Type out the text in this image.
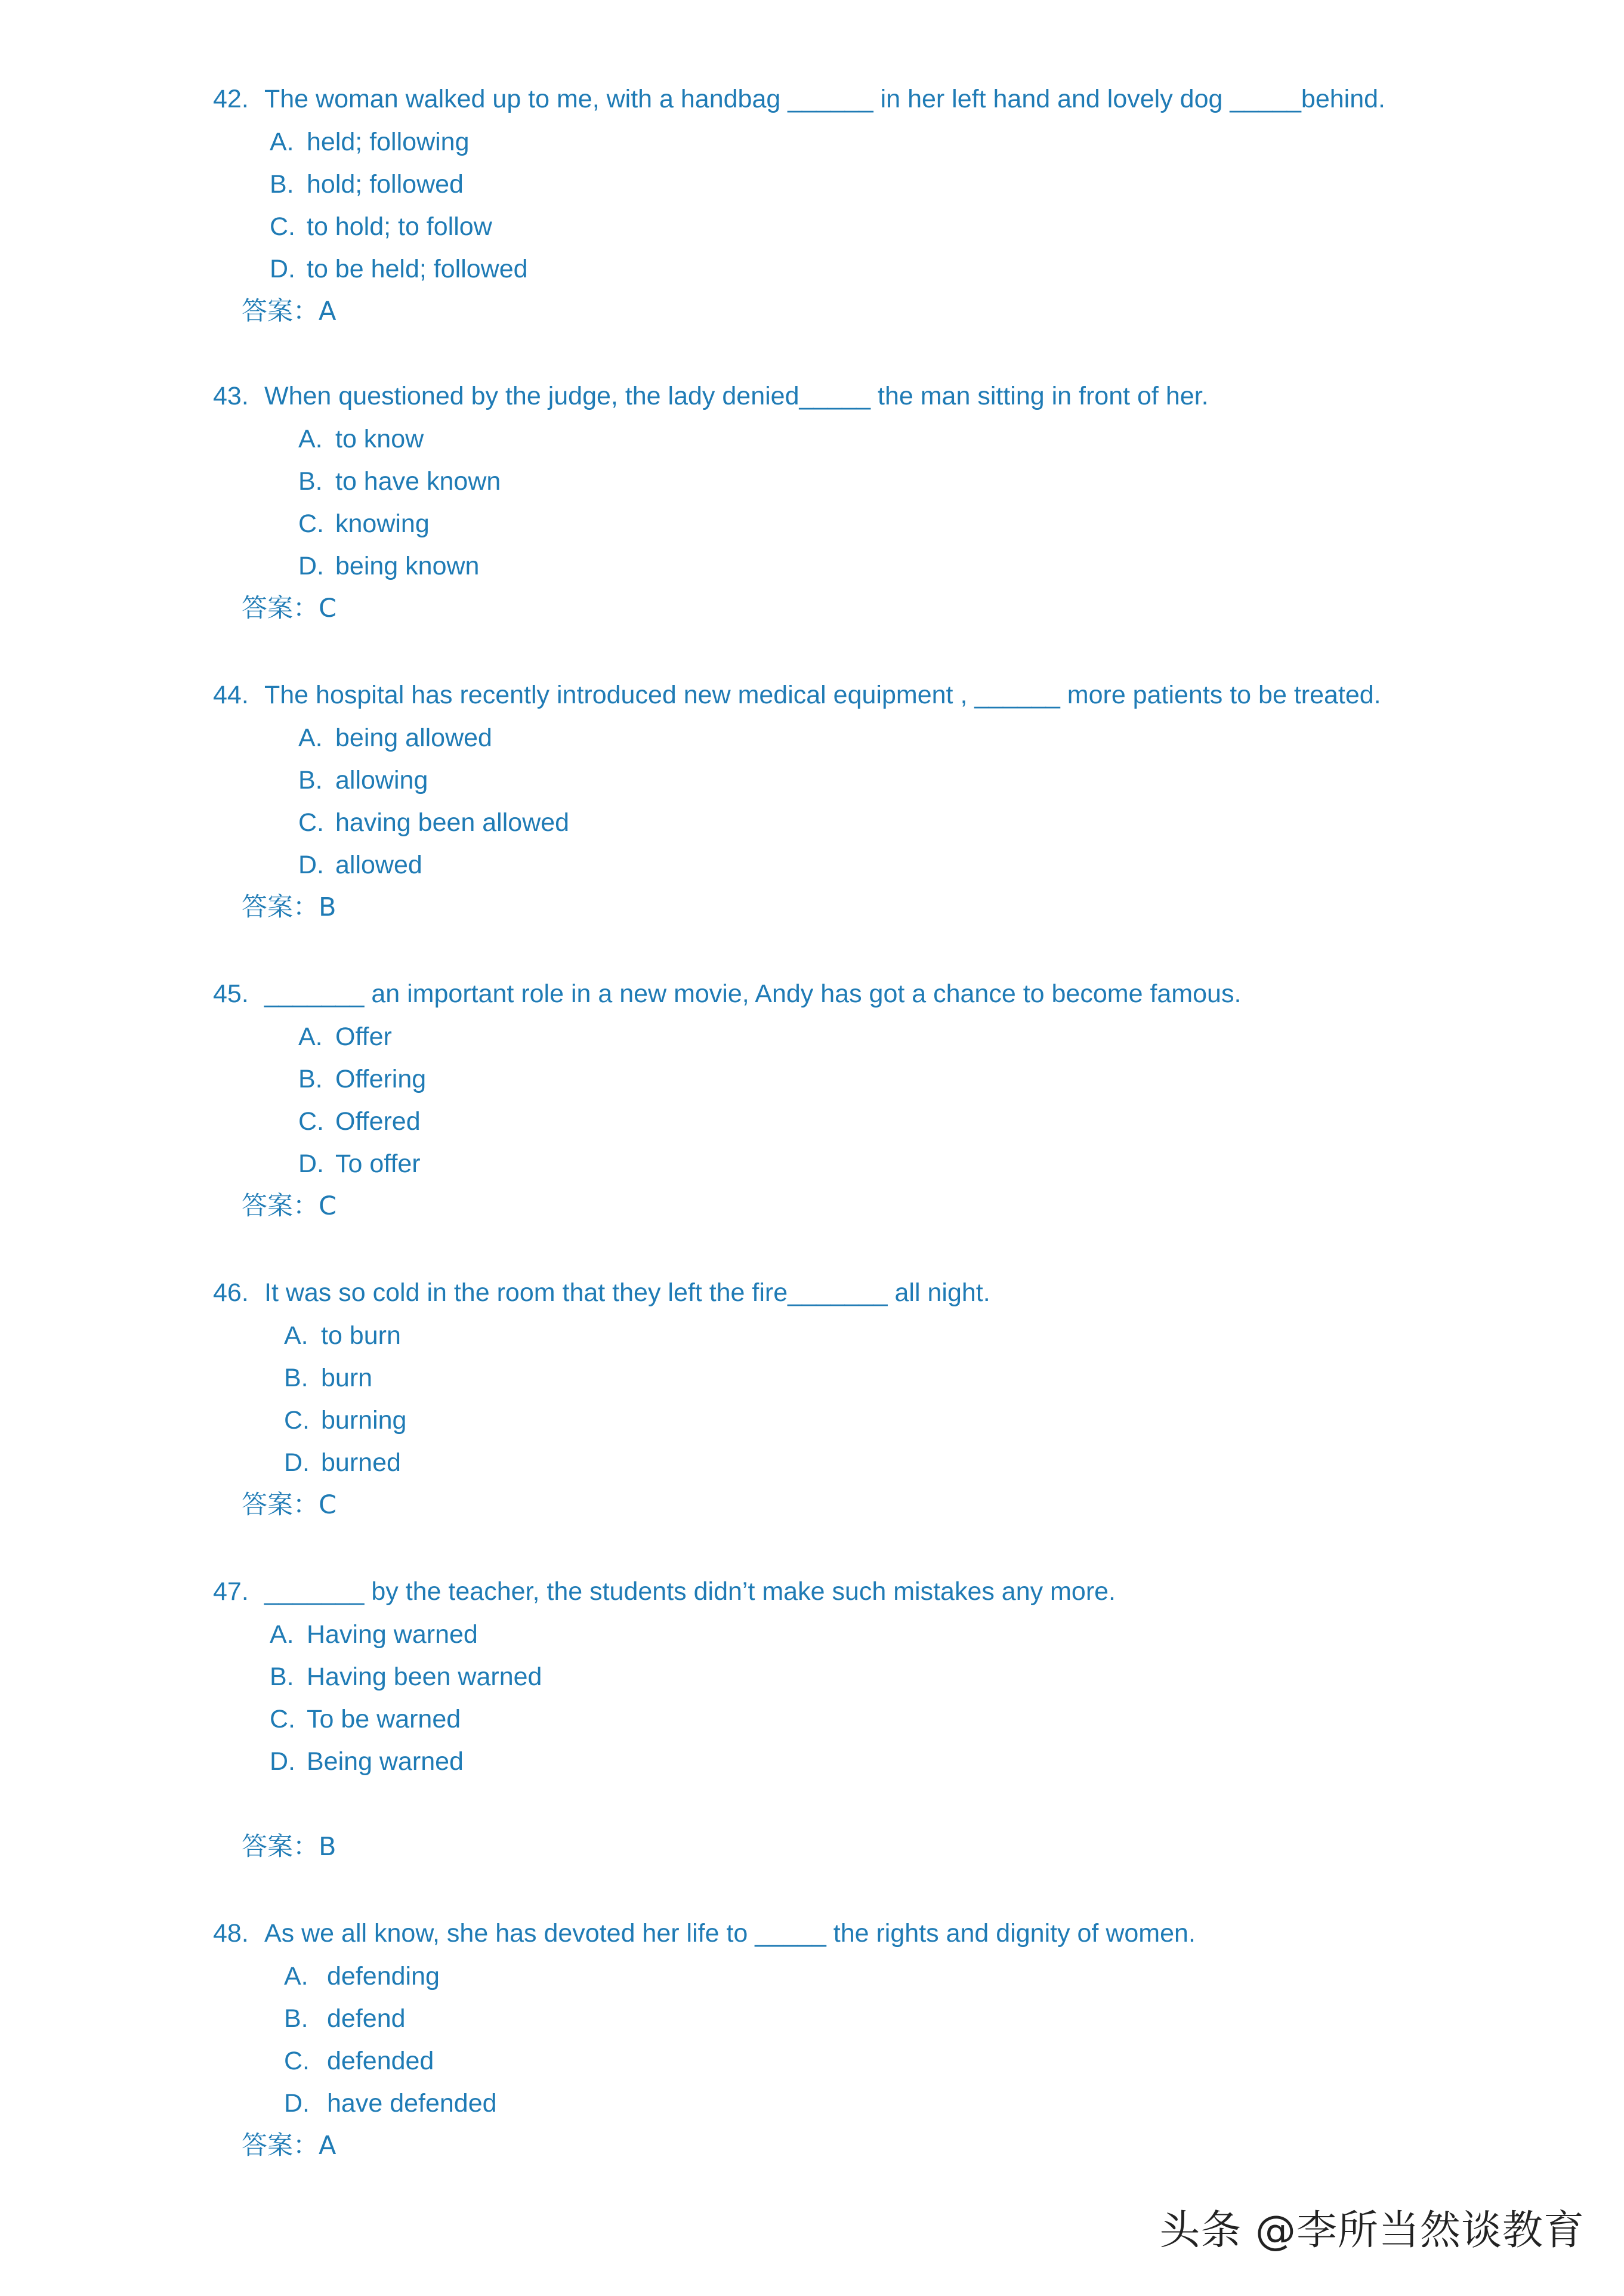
42. The woman walked up to me, with a handbag ______ in her left hand and lovely dog _____behind.
A. held; following
B. hold; followed
C. to hold; to follow
D. to be held; followed
答案：A
43. When questioned by the judge, the lady denied_____ the man sitting in front of her.
A. to know
B. to have known
C. knowing
D. being known
答案：C
44. The hospital has recently introduced new medical equipment , ______ more patients to be treated.
A. being allowed
B. allowing
C. having been allowed
D. allowed
答案：B
45. _______ an important role in a new movie, Andy has got a chance to become famous.
A. Offer
B. Offering
C. Offered
D. To offer
答案：C
46. It was so cold in the room that they left the fire_______ all night.
A. to burn
B. burn
C. burning
D. burned
答案：C
47. _______ by the teacher, the students didn’t make such mistakes any more.
A. Having warned
B. Having been warned
C. To be warned
D. Being warned
答案：B
48. As we all know, she has devoted her life to _____ the rights and dignity of women.
A. defending
B. defend
C. defended
D. have defended
答案：A
头条 @李所当然谈教育
